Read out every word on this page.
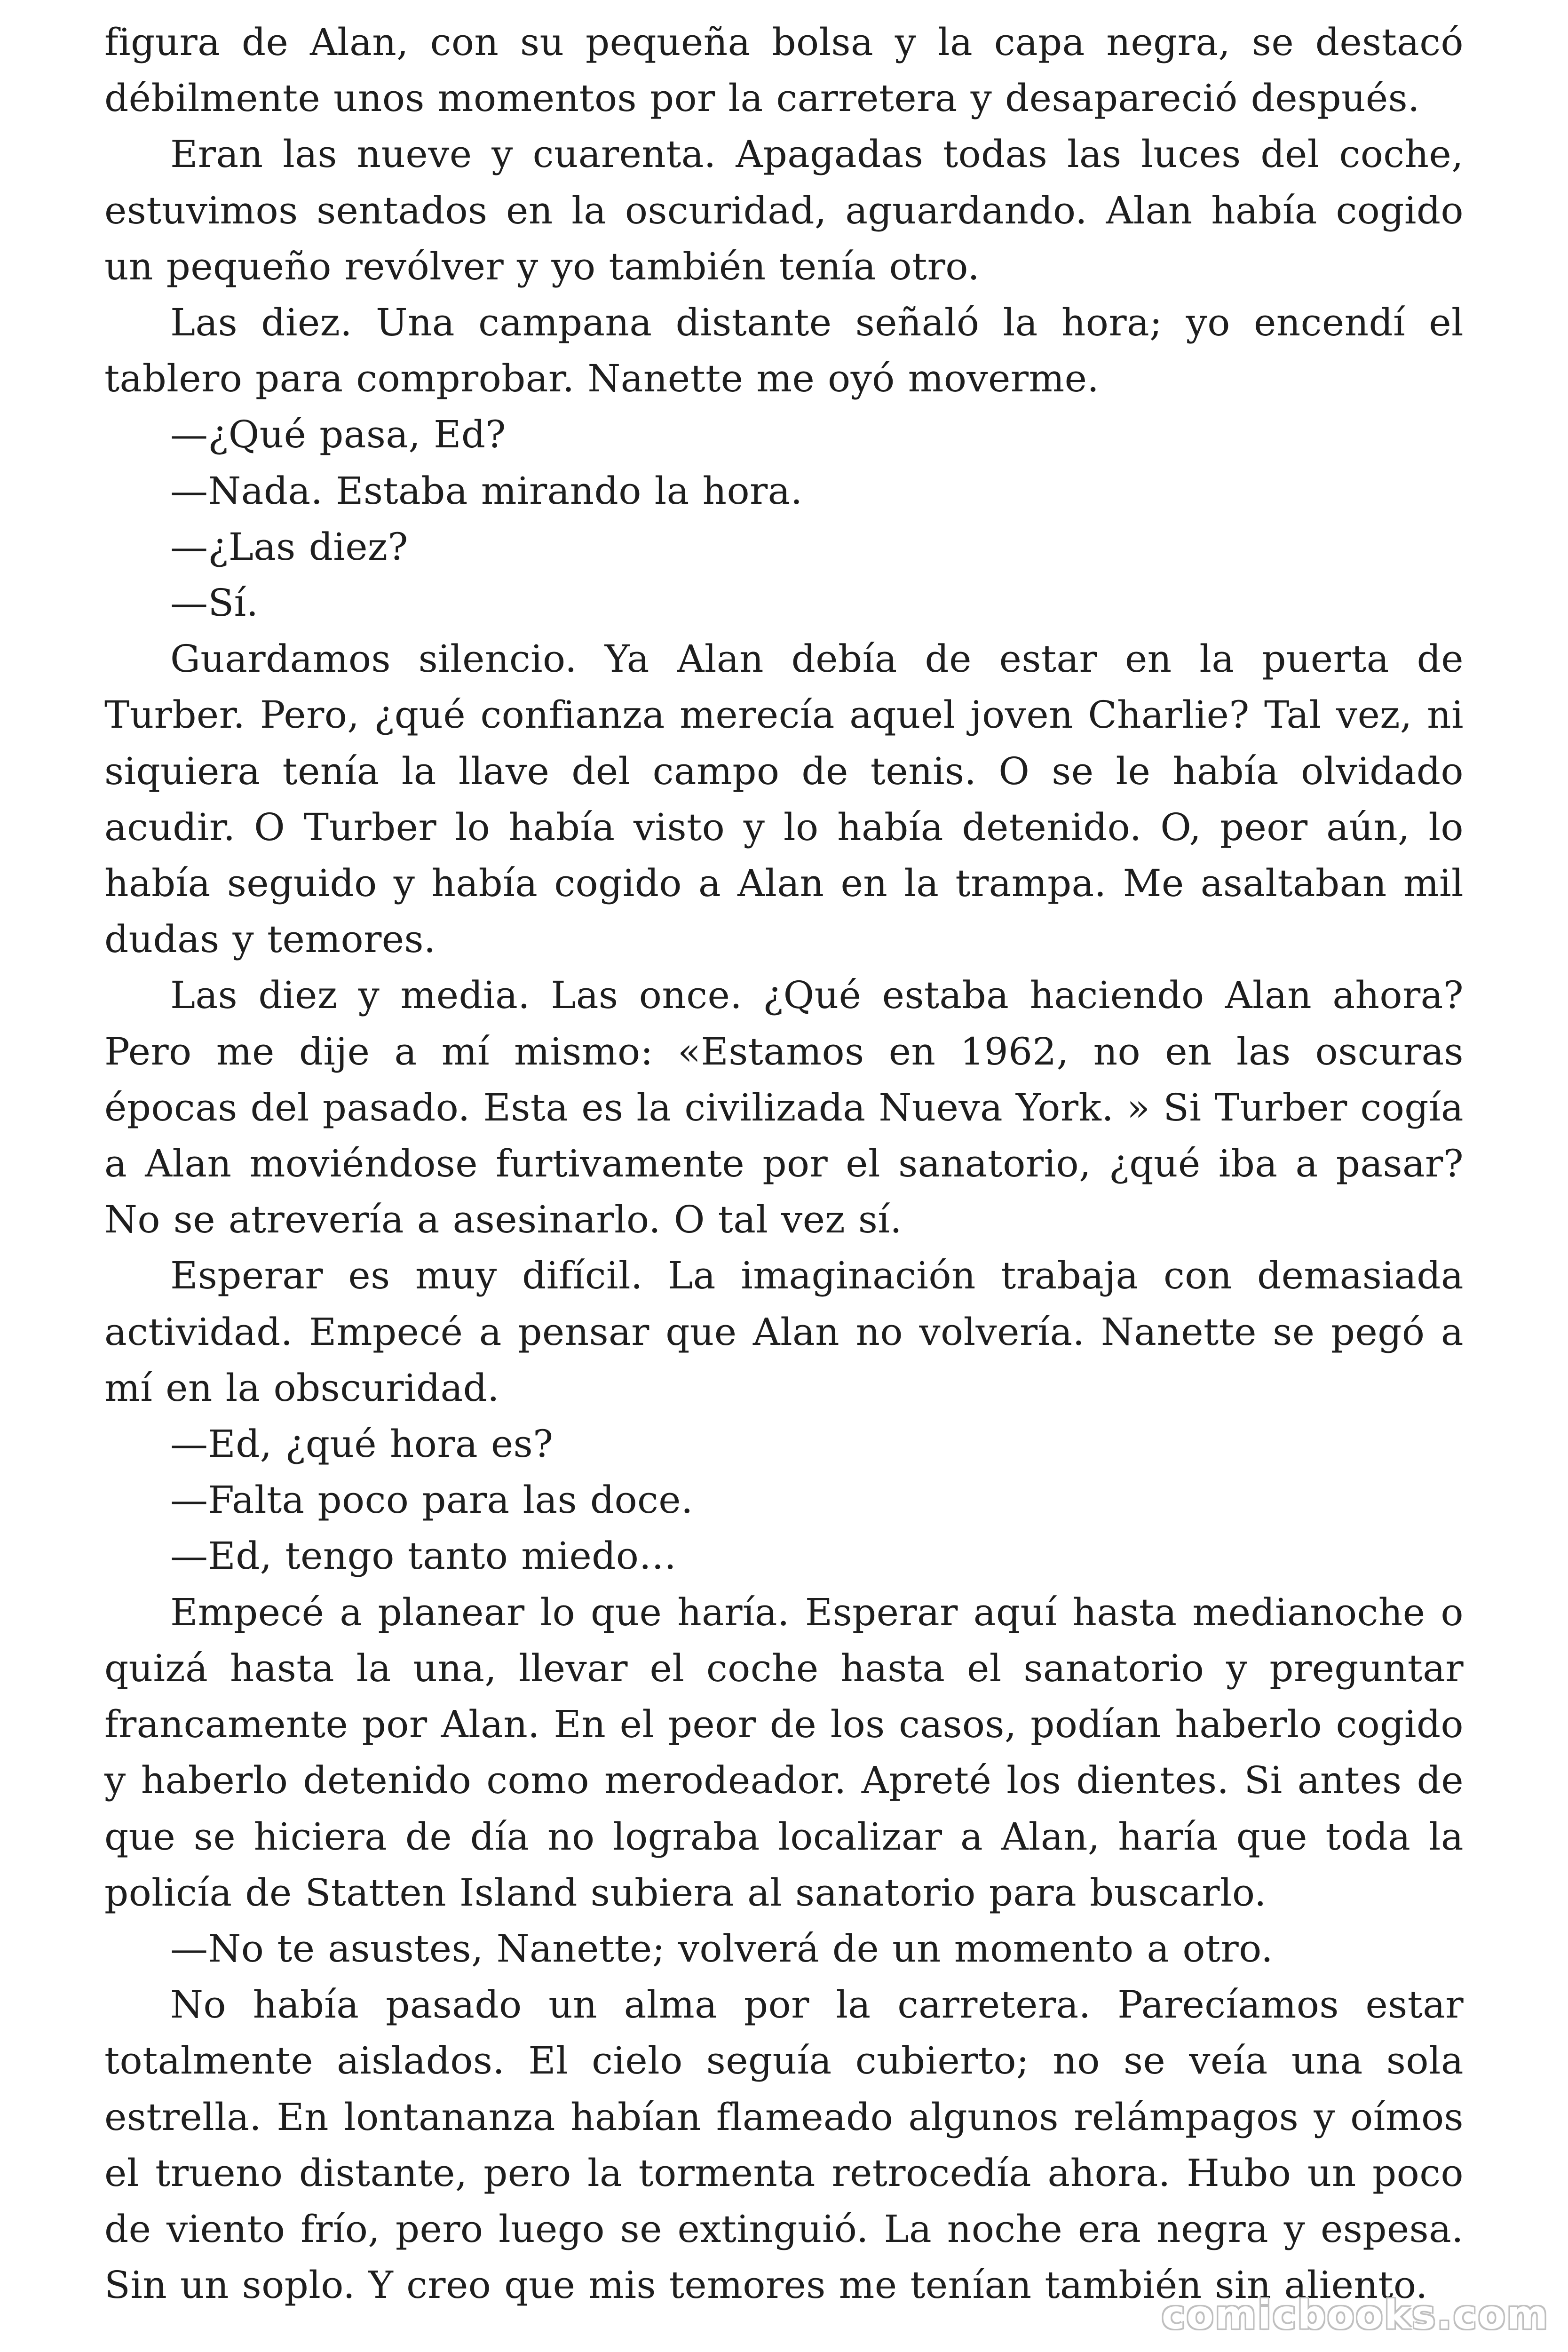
figura de Alan, con su pequeña bolsa y la capa negra, se destacó débilmente unos momentos por la carretera y desapareció después.

Eran las nueve y cuarenta. Apagadas todas las luces del coche, estuvimos sentados en la oscuridad, aguardando. Alan había cogido un pequeño revólver y yo también tenía otro.

Las diez. Una campana distante señaló la hora; yo encendí el tablero para comprobar. Nanette me oyó moverme.

—¿Qué pasa, Ed?

—Nada. Estaba mirando la hora.

—¿Las diez?

—Sí.

Guardamos silencio. Ya Alan debía de estar en la puerta de Turber. Pero, ¿qué confianza merecía aquel joven Charlie? Tal vez, ni siquiera tenía la llave del campo de tenis. O se le había olvidado acudir. O Turber lo había visto y lo había detenido. O, peor aún, lo había seguido y había cogido a Alan en la trampa. Me asaltaban mil dudas y temores.

Las diez y media. Las once. ¿Qué estaba haciendo Alan ahora? Pero me dije a mí mismo: «Estamos en 1962, no en las oscuras épocas del pasado. Esta es la civilizada Nueva York. » Si Turber cogía a Alan moviéndose furtivamente por el sanatorio, ¿qué iba a pasar? No se atrevería a asesinarlo. O tal vez sí.

Esperar es muy difícil. La imaginación trabaja con demasiada actividad. Empecé a pensar que Alan no volvería. Nanette se pegó a mí en la obscuridad.

—Ed, ¿qué hora es?

—Falta poco para las doce.

—Ed, tengo tanto miedo…

Empecé a planear lo que haría. Esperar aquí hasta medianoche o quizá hasta la una, llevar el coche hasta el sanatorio y preguntar francamente por Alan. En el peor de los casos, podían haberlo cogido y haberlo detenido como merodeador. Apreté los dientes. Si antes de que se hiciera de día no lograba localizar a Alan, haría que toda la policía de Statten Island subiera al sanatorio para buscarlo.

—No te asustes, Nanette; volverá de un momento a otro.

No había pasado un alma por la carretera. Parecíamos estar totalmente aislados. El cielo seguía cubierto; no se veía una sola estrella. En lontananza habían flameado algunos relámpagos y oímos el trueno distante, pero la tormenta retrocedía ahora. Hubo un poco de viento frío, pero luego se extinguió. La noche era negra y espesa. Sin un soplo. Y creo que mis temores me tenían también sin aliento.

comicbooks.com
